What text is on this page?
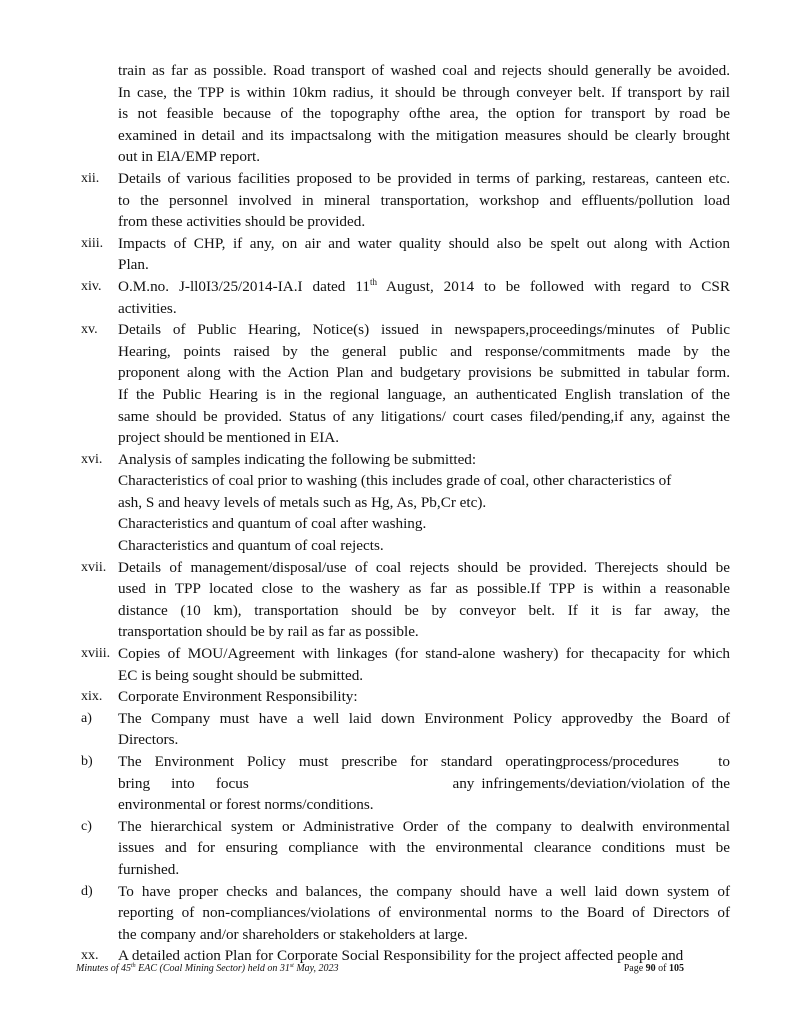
train as far as possible. Road transport of washed coal and rejects should generally be avoided.
In case, the TPP is within 10km radius, it should be through conveyer belt. If transport by rail
is not feasible because of the topography ofthe area, the option for transport by road be
examined in detail and its impactsalong with the mitigation measures should be clearly brought
out in ElA/EMP report.
xii. Details of various facilities proposed to be provided in terms of parking, restareas, canteen etc.
to the personnel involved in mineral transportation, workshop and effluents/pollution load
from these activities should be provided.
xiii. Impacts of CHP, if any, on air and water quality should also be spelt out along with Action
Plan.
xiv. O.M.no. J-ll0I3/25/2014-IA.I dated 11th August, 2014 to be followed with regard to CSR
activities.
xv. Details of Public Hearing, Notice(s) issued in newspapers,proceedings/minutes of Public
Hearing, points raised by the general public and response/commitments made by the
proponent along with the Action Plan and budgetary provisions be submitted in tabular form.
If the Public Hearing is in the regional language, an authenticated English translation of the
same should be provided. Status of any litigations/ court cases filed/pending,if any, against the
project should be mentioned in EIA.
xvi. Analysis of samples indicating the following be submitted:
Characteristics of coal prior to washing (this includes grade of coal, other characteristics of
ash, S and heavy levels of metals such as Hg, As, Pb,Cr etc).
Characteristics and quantum of coal after washing.
Characteristics and quantum of coal rejects.
xvii. Details of management/disposal/use of coal rejects should be provided. Therejects should be
used in TPP located close to the washery as far as possible.If TPP is within a reasonable
distance (10 km), transportation should be by conveyor belt. If it is far away, the
transportation should be by rail as far as possible.
xviii. Copies of MOU/Agreement with linkages (for stand-alone washery) for thecapacity for which
EC is being sought should be submitted.
xix. Corporate Environment Responsibility:
a) The Company must have a well laid down Environment Policy approvedby the Board of
Directors.
b) The Environment Policy must prescribe for standard operatingprocess/procedures   to
bring   into   focus                             any infringements/deviation/violation of the
environmental or forest norms/conditions.
c) The hierarchical system or Administrative Order of the company to dealwith environmental
issues and for ensuring compliance with the environmental clearance conditions must be
furnished.
d) To have proper checks and balances, the company should have a well laid down system of
reporting of non-compliances/violations of environmental norms to the Board of Directors of
the company and/or shareholders or stakeholders at large.
xx. A detailed action Plan for Corporate Social Responsibility for the project affected people and
Minutes of 45th EAC (Coal Mining Sector) held on 31st May, 2023	Page 90 of 105
